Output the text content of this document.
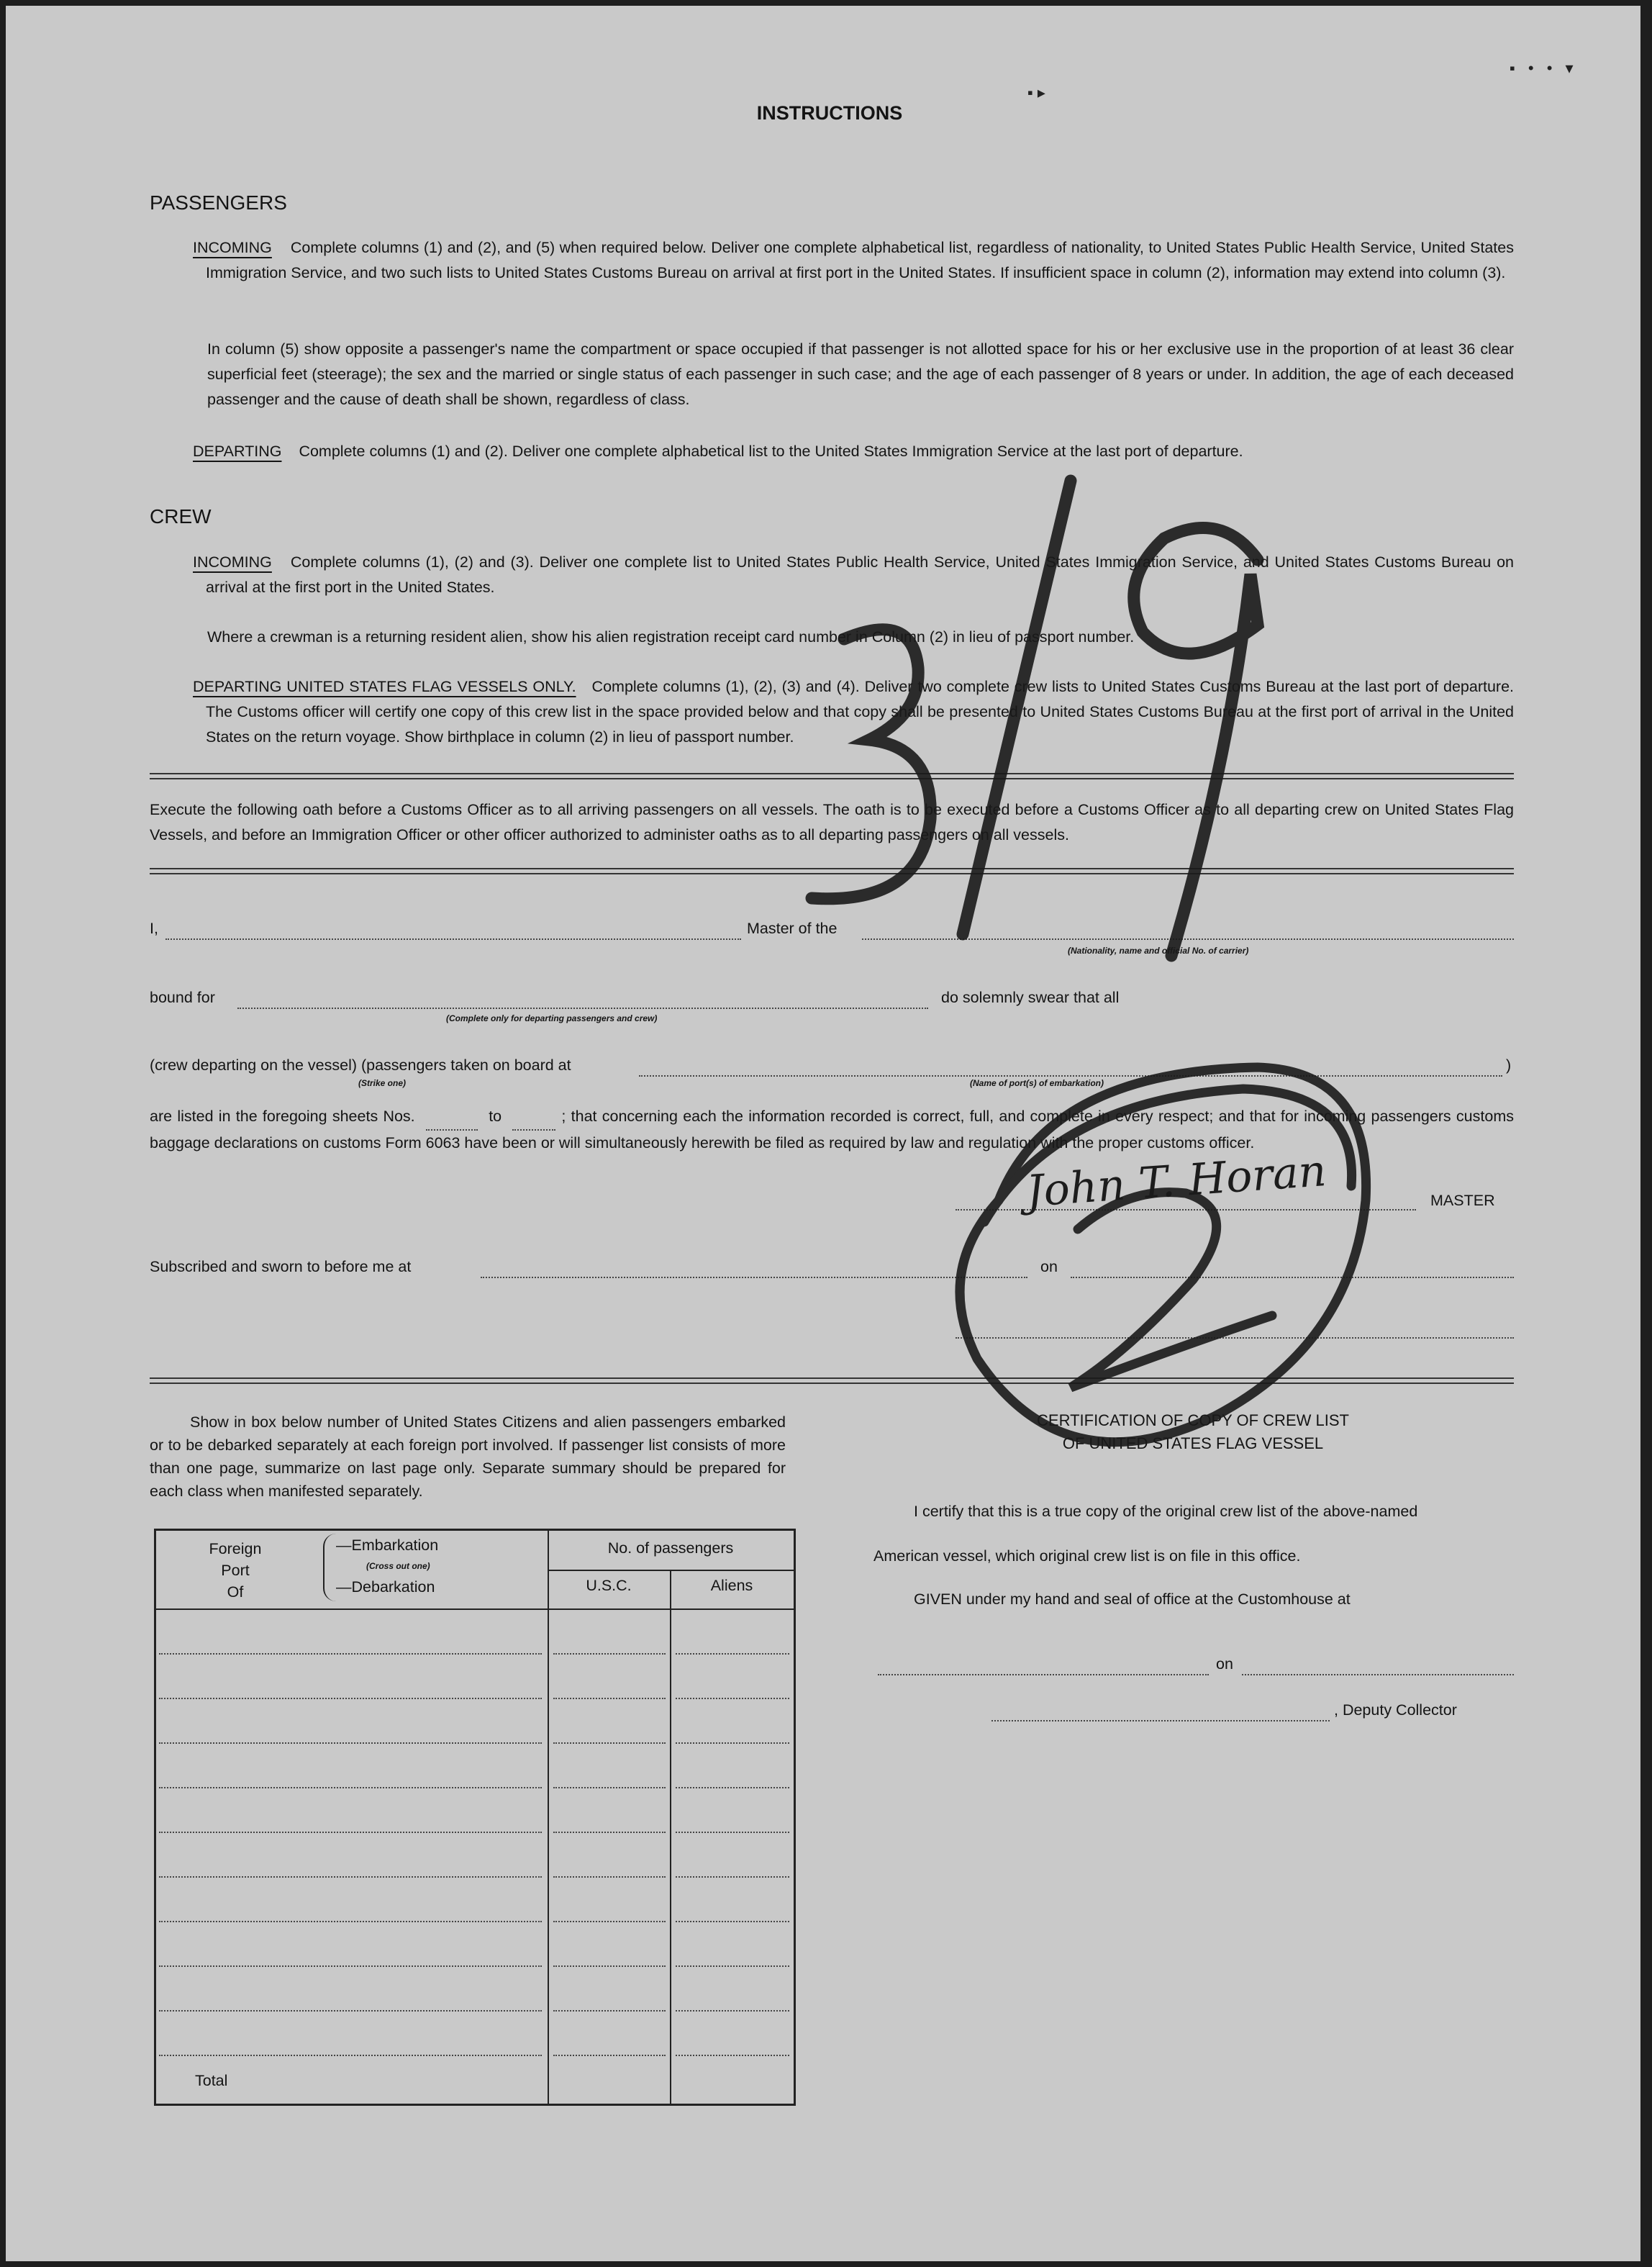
▪ ▸
▪ • • ▾
INSTRUCTIONS
PASSENGERS
INCOMING Complete columns (1) and (2), and (5) when required below. Deliver one complete alphabetical list, regardless of nationality, to United States Public Health Service, United States Immigration Service, and two such lists to United States Customs Bureau on arrival at first port in the United States. If insufficient space in column (2), information may extend into column (3).
In column (5) show opposite a passenger's name the compartment or space occupied if that passenger is not allotted space for his or her exclusive use in the proportion of at least 36 clear superficial feet (steerage); the sex and the married or single status of each passenger in such case; and the age of each passenger of 8 years or under. In addition, the age of each deceased passenger and the cause of death shall be shown, regardless of class.
DEPARTING Complete columns (1) and (2). Deliver one complete alphabetical list to the United States Immigration Service at the last port of departure.
CREW
INCOMING Complete columns (1), (2) and (3). Deliver one complete list to United States Public Health Service, United States Immigration Service, and United States Customs Bureau on arrival at the first port in the United States.
Where a crewman is a returning resident alien, show his alien registration receipt card number in Column (2) in lieu of passport number.
DEPARTING UNITED STATES FLAG VESSELS ONLY. Complete columns (1), (2), (3) and (4). Deliver two complete crew lists to United States Customs Bureau at the last port of departure. The Customs officer will certify one copy of this crew list in the space provided below and that copy shall be presented to United States Customs Bureau at the first port of arrival in the United States on the return voyage. Show birthplace in column (2) in lieu of passport number.
Execute the following oath before a Customs Officer as to all arriving passengers on all vessels. The oath is to be executed before a Customs Officer as to all departing crew on United States Flag Vessels, and before an Immigration Officer or other officer authorized to administer oaths as to all departing passengers on all vessels.
I,	Master of the
(Nationality, name and official No. of carrier)
bound for
(Complete only for departing passengers and crew)
do solemnly swear that all
(crew departing on the vessel) (passengers taken on board at
(Strike one)	(Name of port(s) of embarkation)
)
are listed in the foregoing sheets Nos.	to	; that concerning each the information recorded is correct, full, and complete in every respect; and that for incoming passengers customs baggage declarations on customs Form 6063 have been or will simultaneously herewith be filed as required by law and regulation with the proper customs officer.
MASTER
Subscribed and sworn to before me at	on
Show in box below number of United States Citizens and alien passengers embarked or to be debarked separately at each foreign port involved. If passenger list consists of more than one page, summarize on last page only. Separate summary should be prepared for each class when manifested separately.
Foreign
Port
Of
—Embarkation
(Cross out one)
—Debarkation
No. of passengers
U.S.C.	Aliens
Total
CERTIFICATION OF COPY OF CREW LIST
OF UNITED STATES FLAG VESSEL
I certify that this is a true copy of the original crew list of the above-named
American vessel, which original crew list is on file in this office.
GIVEN under my hand and seal of office at the Customhouse at
on
, Deputy Collector
John T. Horan
